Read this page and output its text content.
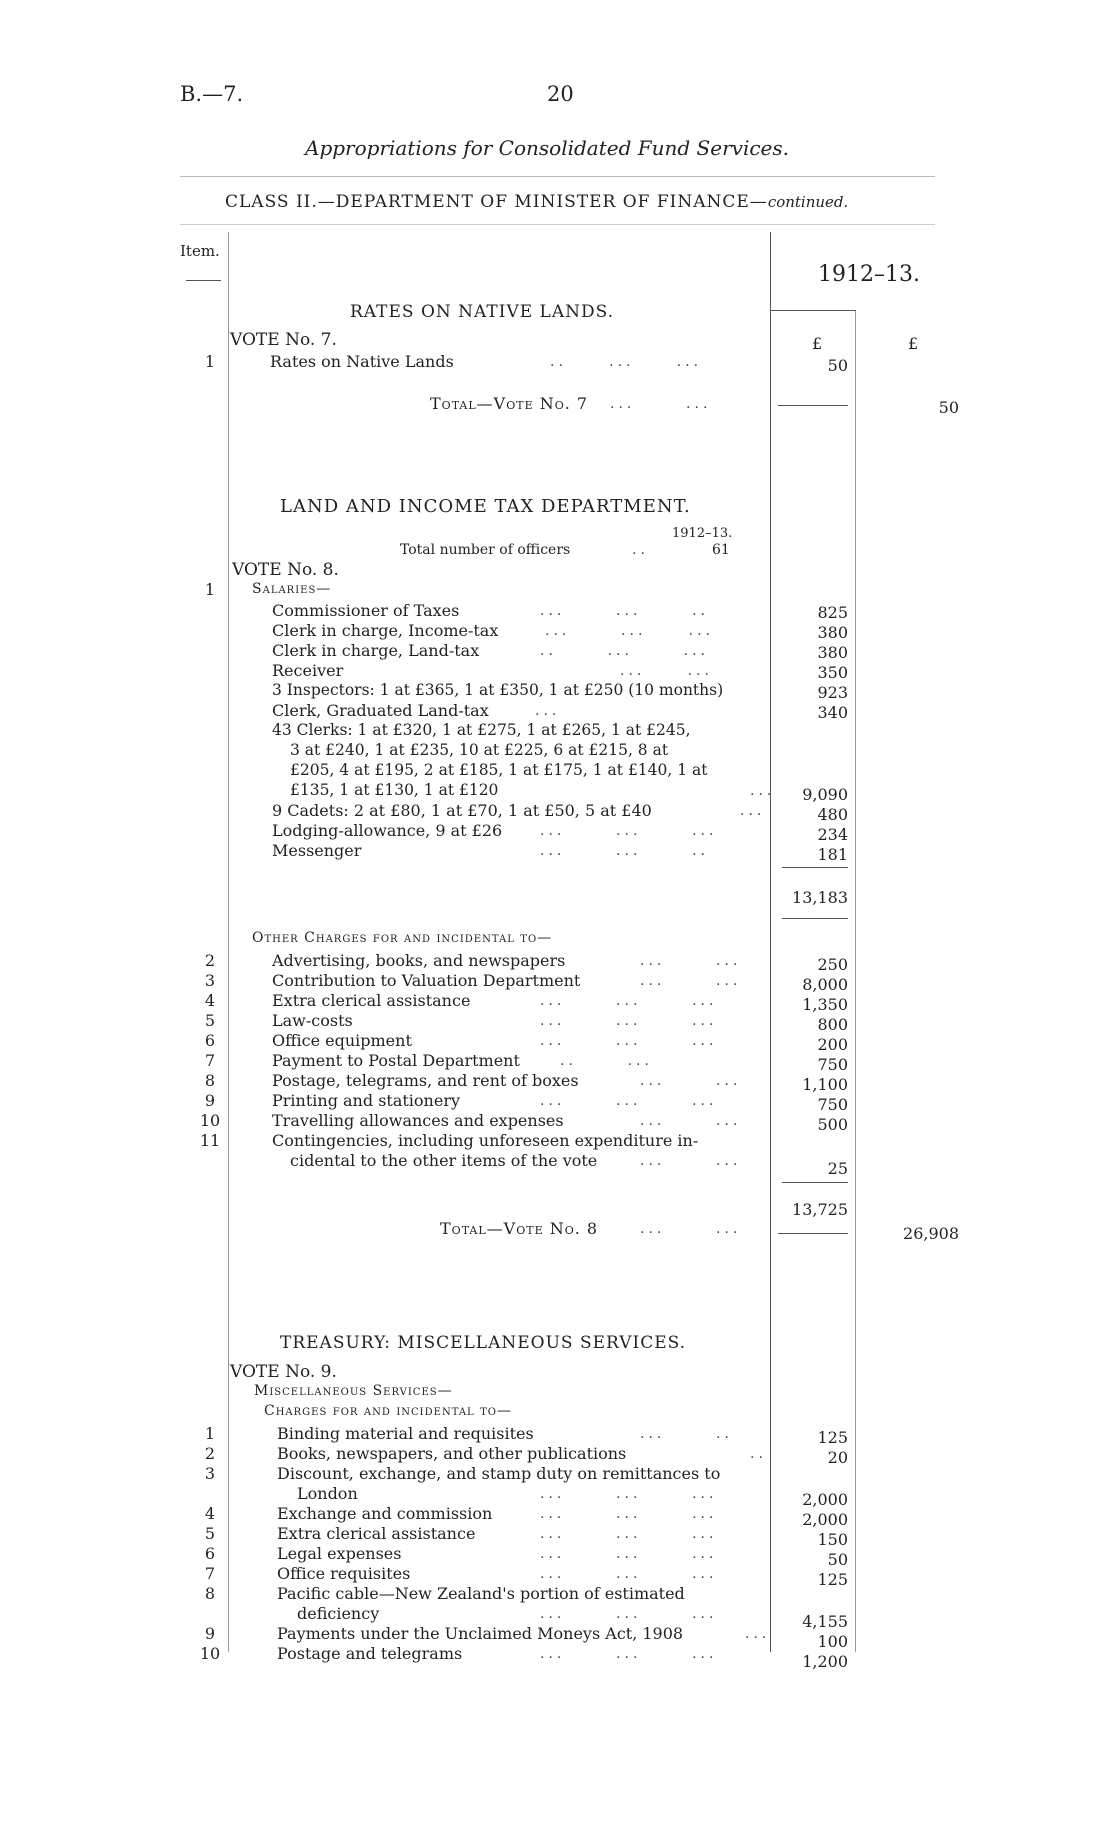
B.—7.	20
Appropriations for Consolidated Fund Services.
CLASS II.—DEPARTMENT OF MINISTER OF FINANCE—continued.
Item.
1912–13.
RATES ON NATIVE LANDS.
VOTE No. 7.	£	£
1	Rates on Native Lands	..     ...     ...	50
Total—Vote No. 7 ...      ...	50
LAND AND INCOME TAX DEPARTMENT.
1912–13.
Total number of officers	..	61
VOTE No. 8.
1	Salaries—
Commissioner of Taxes	...      ...      ..	825
Clerk in charge, Income-tax	...      ...     ...	380
Clerk in charge, Land-tax	..      ...      ...	380
Receiver	...     ...	350
3 Inspectors: 1 at £365, 1 at £350, 1 at £250 (10 months)	923
Clerk, Graduated Land-tax	...	340
43 Clerks: 1 at £320, 1 at £275, 1 at £265, 1 at £245,
3 at £240, 1 at £235, 10 at £225, 6 at £215, 8 at
£205, 4 at £195, 2 at £185, 1 at £175, 1 at £140, 1 at
£135, 1 at £130, 1 at £120	... 9,090
9 Cadets: 2 at £80, 1 at £70, 1 at £50, 5 at £40	...	480
Lodging-allowance, 9 at £26	...      ...      ...	234
Messenger	...      ...      ..	181
13,183
Other Charges for and incidental to—
2	Advertising, books, and newspapers	...      ...	250
3	Contribution to Valuation Department	...      ...	8,000
4	Extra clerical assistance	...      ...      ...	1,350
5	Law-costs	...      ...      ...	800
6	Office equipment	...      ...      ...	200
7	Payment to Postal Department	..      ...	750
8	Postage, telegrams, and rent of boxes	...      ...	1,100
9	Printing and stationery	...      ...      ...	750
10	Travelling allowances and expenses	...      ...	500
11	Contingencies, including unforeseen expenditure in-
cidental to the other items of the vote	...      ...	25
13,725
Total—Vote No. 8	...      ...	26,908
TREASURY: MISCELLANEOUS SERVICES.
VOTE No. 9.
Miscellaneous Services—
Charges for and incidental to—
1	Binding material and requisites	...      ..	125
2	Books, newspapers, and other publications	..	20
3	Discount, exchange, and stamp duty on remittances to
London	...      ...      ...	2,000
4	Exchange and commission	...      ...      ...	2,000
5	Extra clerical assistance	...      ...      ...	150
6	Legal expenses	...      ...      ...	50
7	Office requisites	...      ...      ...	125
8	Pacific cable—New Zealand's portion of estimated
deficiency	...      ...      ...	4,155
9	Payments under the Unclaimed Moneys Act, 1908	...	100
10	Postage and telegrams	...      ...      ...	1,200
